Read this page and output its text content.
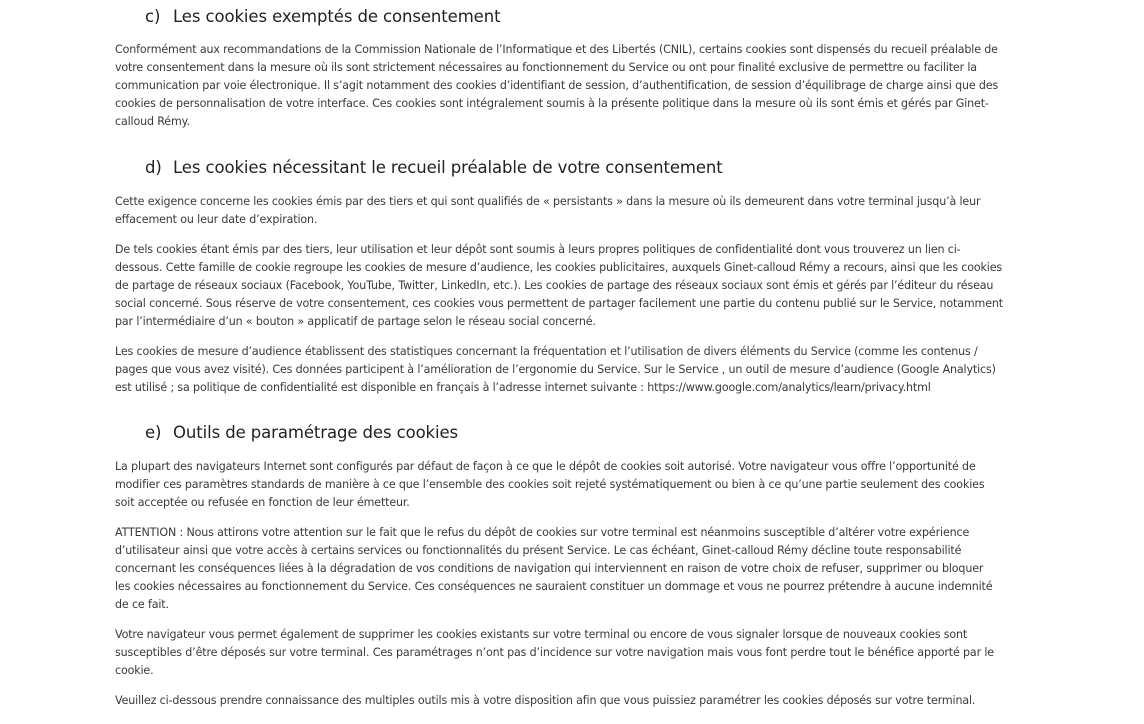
c) Les cookies exemptés de consentement

Conformément aux recommandations de la Commission Nationale de l’Informatique et des Libertés (CNIL), certains cookies sont dispensés du recueil préalable de
votre consentement dans la mesure où ils sont strictement nécessaires au fonctionnement du Service ou ont pour finalité exclusive de permettre ou faciliter la
communication par voie électronique. Il s’agit notamment des cookies d’identifiant de session, d’authentification, de session d’équilibrage de charge ainsi que des
cookies de personnalisation de votre interface. Ces cookies sont intégralement soumis à la présente politique dans la mesure où ils sont émis et gérés par Ginet-
calloud Rémy.

d) Les cookies nécessitant le recueil préalable de votre consentement

Cette exigence concerne les cookies émis par des tiers et qui sont qualifiés de « persistants » dans la mesure où ils demeurent dans votre terminal jusqu’à leur
effacement ou leur date d’expiration.

De tels cookies étant émis par des tiers, leur utilisation et leur dépôt sont soumis à leurs propres politiques de confidentialité dont vous trouverez un lien ci-
dessous. Cette famille de cookie regroupe les cookies de mesure d’audience, les cookies publicitaires, auxquels Ginet-calloud Rémy a recours, ainsi que les cookies
de partage de réseaux sociaux (Facebook, YouTube, Twitter, LinkedIn, etc.). Les cookies de partage des réseaux sociaux sont émis et gérés par l’éditeur du réseau
social concerné. Sous réserve de votre consentement, ces cookies vous permettent de partager facilement une partie du contenu publié sur le Service, notamment
par l’intermédiaire d’un « bouton » applicatif de partage selon le réseau social concerné.

Les cookies de mesure d’audience établissent des statistiques concernant la fréquentation et l’utilisation de divers éléments du Service (comme les contenus /
pages que vous avez visité). Ces données participent à l’amélioration de l’ergonomie du Service. Sur le Service , un outil de mesure d’audience (Google Analytics)
est utilisé ; sa politique de confidentialité est disponible en français à l’adresse internet suivante : https://www.google.com/analytics/learn/privacy.html

e) Outils de paramétrage des cookies

La plupart des navigateurs Internet sont configurés par défaut de façon à ce que le dépôt de cookies soit autorisé. Votre navigateur vous offre l’opportunité de
modifier ces paramètres standards de manière à ce que l’ensemble des cookies soit rejeté systématiquement ou bien à ce qu’une partie seulement des cookies
soit acceptée ou refusée en fonction de leur émetteur.

ATTENTION : Nous attirons votre attention sur le fait que le refus du dépôt de cookies sur votre terminal est néanmoins susceptible d’altérer votre expérience
d’utilisateur ainsi que votre accès à certains services ou fonctionnalités du présent Service. Le cas échéant, Ginet-calloud Rémy décline toute responsabilité
concernant les conséquences liées à la dégradation de vos conditions de navigation qui interviennent en raison de votre choix de refuser, supprimer ou bloquer
les cookies nécessaires au fonctionnement du Service. Ces conséquences ne sauraient constituer un dommage et vous ne pourrez prétendre à aucune indemnité
de ce fait.

Votre navigateur vous permet également de supprimer les cookies existants sur votre terminal ou encore de vous signaler lorsque de nouveaux cookies sont
susceptibles d’être déposés sur votre terminal. Ces paramétrages n’ont pas d’incidence sur votre navigation mais vous font perdre tout le bénéfice apporté par le
cookie.

Veuillez ci-dessous prendre connaissance des multiples outils mis à votre disposition afin que vous puissiez paramétrer les cookies déposés sur votre terminal.
